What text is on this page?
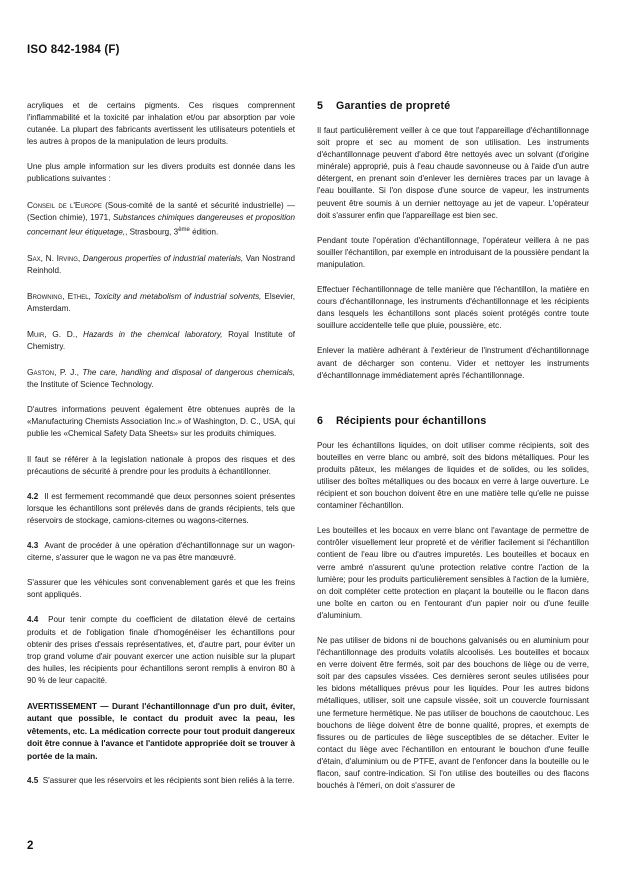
ISO 842-1984 (F)

acryliques et de certains pigments. Ces risques comprennent l'inflammabilité et la toxicité par inhalation et/ou par absorption par voie cutanée. La plupart des fabricants avertissent les utilisateurs potentiels et les autres à propos de la manipulation de leurs produits.

Une plus ample information sur les divers produits est donnée dans les publications suivantes :

Conseil de l'Europe (Sous-comité de la santé et sécurité industrielle) — (Section chimie), 1971, Substances chimiques dangereuses et proposition concernant leur étiquetage,, Strasbourg, 3ème édition.

Sax, N. Irving, Dangerous properties of industrial materials, Van Nostrand Reinhold.

Browning, Ethel, Toxicity and metabolism of industrial solvents, Elsevier, Amsterdam.

Muir, G. D., Hazards in the chemical laboratory, Royal Institute of Chemistry.

Gaston, P. J., The care, handling and disposal of dangerous chemicals, the Institute of Science Technology.

D'autres informations peuvent également être obtenues auprès de la «Manufacturing Chemists Association Inc.» of Washington, D. C., USA, qui publie les «Chemical Safety Data Sheets» sur les produits chimiques.

Il faut se référer à la legislation nationale à propos des risques et des précautions de sécurité à prendre pour les produits à échantillonner.

4.2 Il est fermement recommandé que deux personnes soient présentes lorsque les échantillons sont prélevés dans de grands récipients, tels que réservoirs de stockage, camions-citernes ou wagons-citernes.

4.3 Avant de procéder à une opération d'échantillonnage sur un wagon-citerne, s'assurer que le wagon ne va pas être manœuvré.

S'assurer que les véhicules sont convenablement garés et que les freins sont appliqués.

4.4 Pour tenir compte du coefficient de dilatation élevé de certains produits et de l'obligation finale d'homogénéiser les échantillons pour obtenir des prises d'essais représentatives, et, d'autre part, pour éviter un trop grand volume d'air pouvant exercer une action nuisible sur la plupart des huiles, les récipients pour échantillons seront remplis à environ 80 à 90 % de leur capacité.

AVERTISSEMENT — Durant l'échantillonnage d'un pro duit, éviter, autant que possible, le contact du produit avec la peau, les vêtements, etc. La médication correcte pour tout produit dangereux doit être connue à l'avance et l'antidote appropriée doit se trouver à portée de la main.

4.5 S'assurer que les réservoirs et les récipients sont bien reliés à la terre.

5 Garanties de propreté

Il faut particulièrement veiller à ce que tout l'appareillage d'échantillonnage soit propre et sec au moment de son utilisation. Les instruments d'échantillonnage peuvent d'abord être nettoyés avec un solvant (d'origine minérale) approprié, puis à l'eau chaude savonneuse ou à l'aide d'un autre détergent, en prenant soin d'enlever les dernières traces par un lavage à l'eau bouillante. Si l'on dispose d'une source de vapeur, les instruments peuvent être soumis à un dernier nettoyage au jet de vapeur. L'opérateur doit s'assurer enfin que l'appareillage est bien sec.

Pendant toute l'opération d'échantillonnage, l'opérateur veillera à ne pas souiller l'échantillon, par exemple en introduisant de la poussière pendant la manipulation.

Effectuer l'échantillonnage de telle manière que l'échantillon, la matière en cours d'échantillonnage, les instruments d'échantillonnage et les récipients dans lesquels les échantillons sont placés soient protégés contre toute souillure accidentelle telle que pluie, poussière, etc.

Enlever la matière adhérant à l'extérieur de l'instrument d'échantillonnage avant de décharger son contenu. Vider et nettoyer les instruments d'échantillonnage immédiatement après l'échantillonnage.

6 Récipients pour échantillons

Pour les échantillons liquides, on doit utiliser comme récipients, soit des bouteilles en verre blanc ou ambré, soit des bidons métalliques. Pour les produits pâteux, les mélanges de liquides et de solides, ou les solides, utiliser des boîtes métalliques ou des bocaux en verre à large ouverture. Le récipient et son bouchon doivent être en une matière telle qu'elle ne puisse contaminer l'échantillon.

Les bouteilles et les bocaux en verre blanc ont l'avantage de permettre de contrôler visuellement leur propreté et de vérifier facilement si l'échantillon contient de l'eau libre ou d'autres impuretés. Les bouteilles et bocaux en verre ambré n'assurent qu'une protection relative contre l'action de la lumière; pour les produits particulièrement sensibles à l'action de la lumière, on doit compléter cette protection en plaçant la bouteille ou le flacon dans une boîte en carton ou en l'entourant d'un papier noir ou d'une feuille d'aluminium.

Ne pas utiliser de bidons ni de bouchons galvanisés ou en aluminium pour l'échantillonnage des produits volatils alcoolisés. Les bouteilles et bocaux en verre doivent être fermés, soit par des bouchons de liège ou de verre, soit par des capsules vissées. Ces dernières seront seules utilisées pour les bidons métalliques prévus pour les liquides. Pour les autres bidons métalliques, utiliser, soit une capsule vissée, soit un couvercle fournissant une fermeture hermétique. Ne pas utiliser de bouchons de caoutchouc. Les bouchons de liège doivent être de bonne qualité, propres, et exempts de fissures ou de particules de liège susceptibles de se détacher. Eviter le contact du liège avec l'échantillon en entourant le bouchon d'une feuille d'étain, d'aluminium ou de PTFE, avant de l'enfoncer dans la bouteille ou le flacon, sauf contre-indication. Si l'on utilise des bouteilles ou des flacons bouchés à l'émeri, on doit s'assurer de

2
